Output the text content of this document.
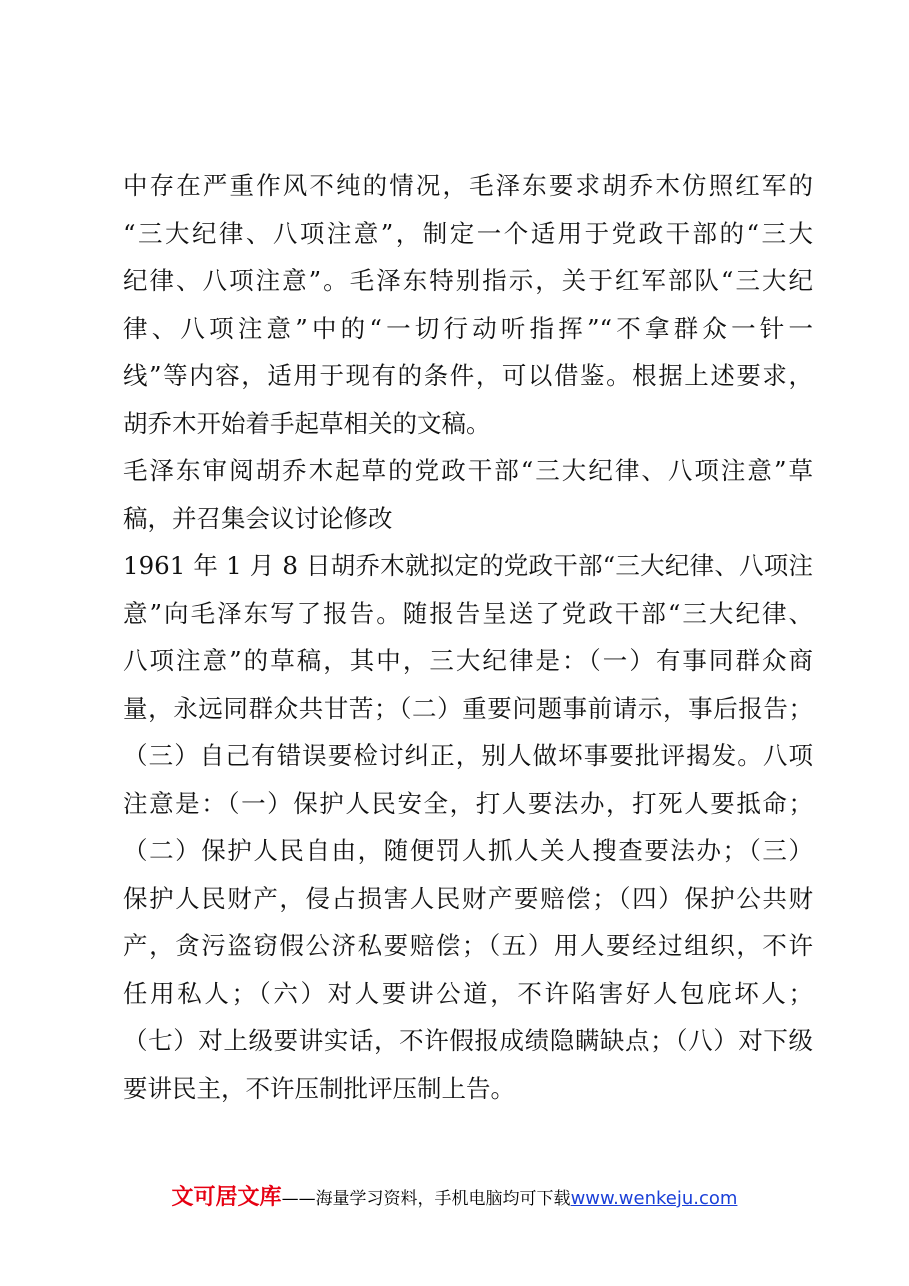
中存在严重作风不纯的情况，毛泽东要求胡乔木仿照红军的
“三大纪律、八项注意”，制定一个适用于党政干部的“三大
纪律、八项注意”。毛泽东特别指示，关于红军部队“三大纪
律、八项注意”中的“一切行动听指挥”“不拿群众一针一
线”等内容，适用于现有的条件，可以借鉴。根据上述要求，
胡乔木开始着手起草相关的文稿。
毛泽东审阅胡乔木起草的党政干部“三大纪律、八项注意”草
稿，并召集会议讨论修改
1961 年 1 月 8 日胡乔木就拟定的党政干部“三大纪律、八项注
意”向毛泽东写了报告。随报告呈送了党政干部“三大纪律、
八项注意”的草稿，其中，三大纪律是：（一）有事同群众商
量，永远同群众共甘苦；（二）重要问题事前请示，事后报告；
（三）自己有错误要检讨纠正，别人做坏事要批评揭发。八项
注意是：（一）保护人民安全，打人要法办，打死人要抵命；
（二）保护人民自由，随便罚人抓人关人搜查要法办；（三）
保护人民财产，侵占损害人民财产要赔偿；（四）保护公共财
产，贪污盗窃假公济私要赔偿；（五）用人要经过组织，不许
任用私人；（六）对人要讲公道，不许陷害好人包庇坏人；
（七）对上级要讲实话，不许假报成绩隐瞒缺点；（八）对下级
要讲民主，不许压制批评压制上告。
文可居文库——海量学习资料，手机电脑均可下载www.wenkeju.com
